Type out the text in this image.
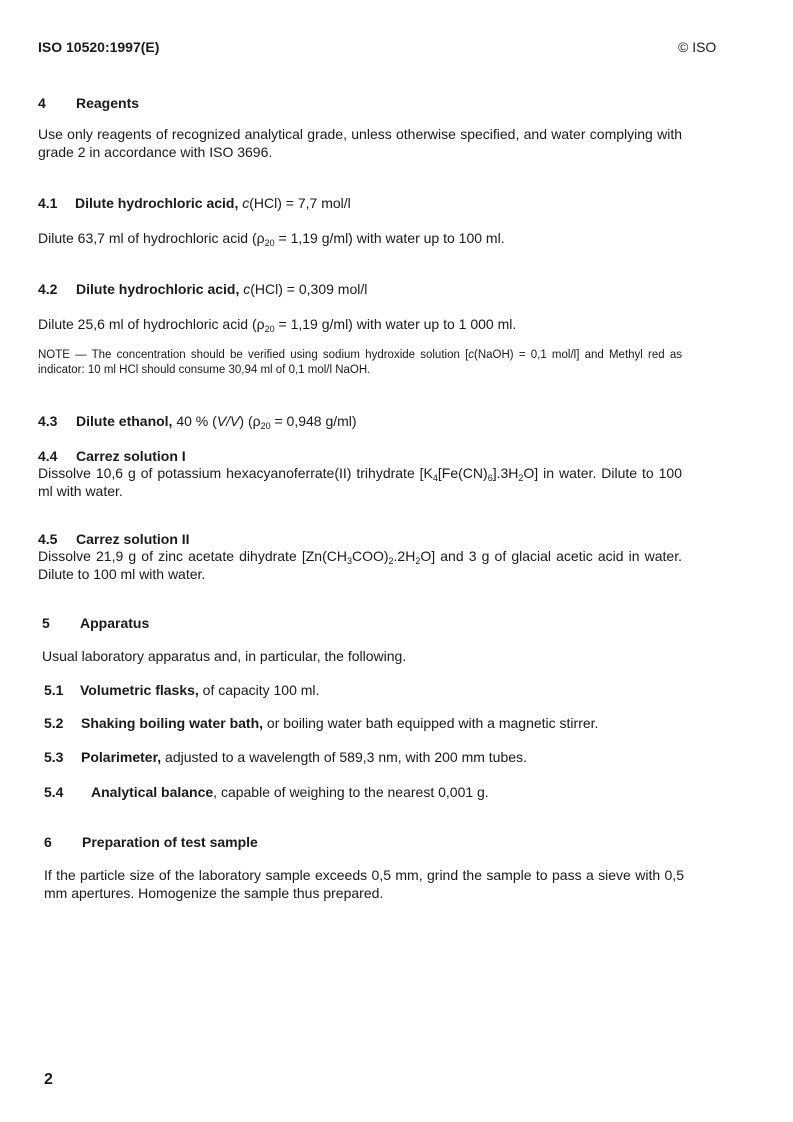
ISO 10520:1997(E)	© ISO
4 Reagents
Use only reagents of recognized analytical grade, unless otherwise specified, and water complying with grade 2 in accordance with ISO 3696.
4.1 Dilute hydrochloric acid, c(HCl) = 7,7 mol/l
Dilute 63,7 ml of hydrochloric acid ($\rho_{20} = 1,19$ g/ml) with water up to 100 ml.
4.2 Dilute hydrochloric acid, c(HCl) = 0,309 mol/l
Dilute 25,6 ml of hydrochloric acid ($\rho_{20} = 1,19$ g/ml) with water up to 1 000 ml.
NOTE — The concentration should be verified using sodium hydroxide solution [c(NaOH) = 0,1 mol/l] and Methyl red as indicator: 10 ml HCl should consume 30,94 ml of 0,1 mol/l NaOH.
4.3 Dilute ethanol, 40 % (V/V) ($\rho_{20} = 0,948$ g/ml)
4.4 Carrez solution I
Dissolve 10,6 g of potassium hexacyanoferrate(II) trihydrate $[K_4[Fe(CN)_6].3H_2O]$ in water. Dilute to 100 ml with water.
4.5 Carrez solution II
Dissolve 21,9 g of zinc acetate dihydrate $[Zn(CH_3COO)_2.2H_2O]$ and 3 g of glacial acetic acid in water. Dilute to 100 ml with water.
5 Apparatus
Usual laboratory apparatus and, in particular, the following.
5.1 Volumetric flasks, of capacity 100 ml.
5.2 Shaking boiling water bath, or boiling water bath equipped with a magnetic stirrer.
5.3 Polarimeter, adjusted to a wavelength of 589,3 nm, with 200 mm tubes.
5.4 Analytical balance, capable of weighing to the nearest 0,001 g.
6 Preparation of test sample
If the particle size of the laboratory sample exceeds 0,5 mm, grind the sample to pass a sieve with 0,5 mm apertures. Homogenize the sample thus prepared.
2
